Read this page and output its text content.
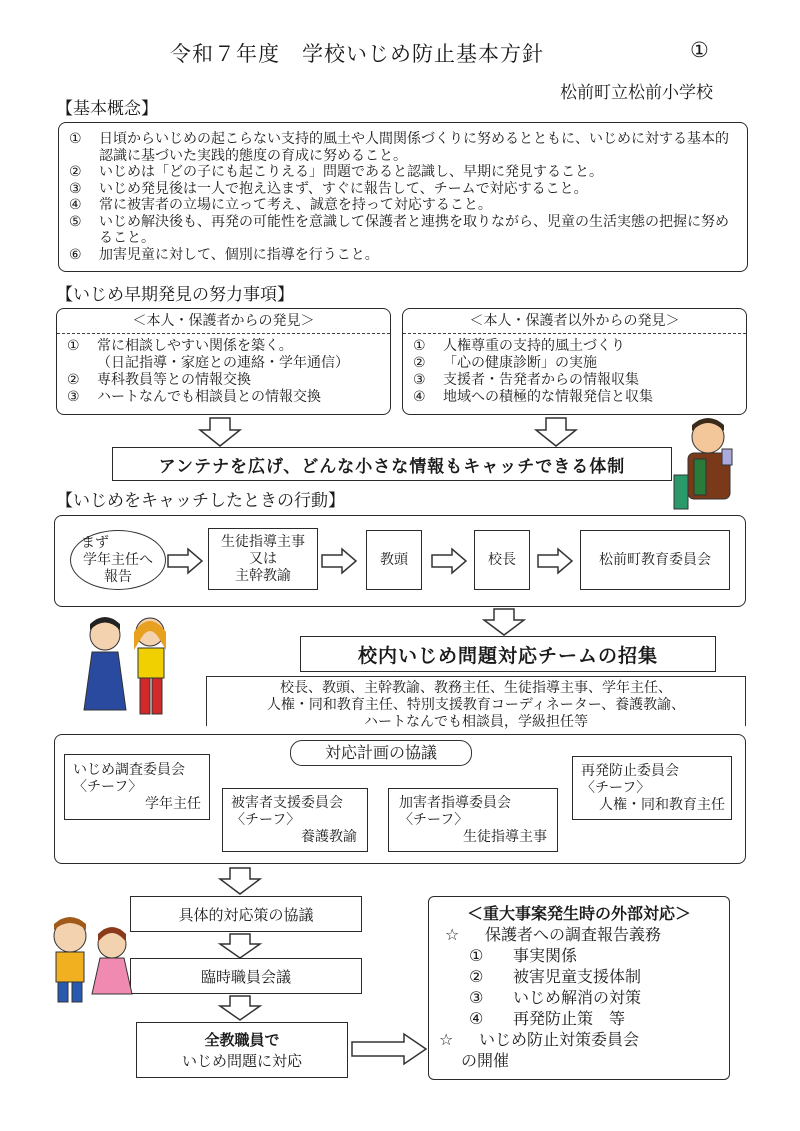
令和７年度　学校いじめ防止基本方針	①
松前町立松前小学校
【基本概念】
①	日頃からいじめの起こらない支持的風土や人間関係づくりに努めるとともに、いじめに対する基本的認識に基づいた実践的態度の育成に努めること。
②	いじめは「どの子にも起こりえる」問題であると認識し、早期に発見すること。
③	いじめ発見後は一人で抱え込まず、すぐに報告して、チームで対応すること。
④	常に被害者の立場に立って考え、誠意を持って対応すること。
⑤	いじめ解決後も、再発の可能性を意識して保護者と連携を取りながら、児童の生活実態の把握に努めること。
⑥	加害児童に対して、個別に指導を行うこと。
【いじめ早期発見の努力事項】
＜本人・保護者からの発見＞
①	常に相談しやすい関係を築く。
（日記指導・家庭との連絡・学年通信）
②	専科教員等との情報交換
③	ハートなんでも相談員との情報交換
＜本人・保護者以外からの発見＞
①	人権尊重の支持的風土づくり
②	「心の健康診断」の実施
③	支援者・告発者からの情報収集
④	地域への積極的な情報発信と収集
アンテナを広げ、どんな小さな情報もキャッチできる体制
【いじめをキャッチしたときの行動】
まず
学年主任へ
報告
生徒指導主事
又は
主幹教諭
教頭	校長	松前町教育委員会
校内いじめ問題対応チームの招集
校長、教頭、主幹教諭、教務主任、生徒指導主事、学年主任、
人権・同和教育主任、特別支援教育コーディネーター、養護教諭、
ハートなんでも相談員，学級担任等
対応計画の協議
いじめ調査委員会
〈チーフ〉
学年主任	被害者支援委員会
〈チーフ〉
養護教諭
加害者指導委員会
〈チーフ〉
生徒指導主事
再発防止委員会
〈チーフ〉
人権・同和教育主任
具体的対応策の協議
臨時職員会議
全教職員で
いじめ問題に対応
＜重大事案発生時の外部対応＞
☆	保護者への調査報告義務
①	事実関係
②	被害児童支援体制
③	いじめ解消の対策
④	再発防止策　等
☆	いじめ防止対策委員会
の開催
